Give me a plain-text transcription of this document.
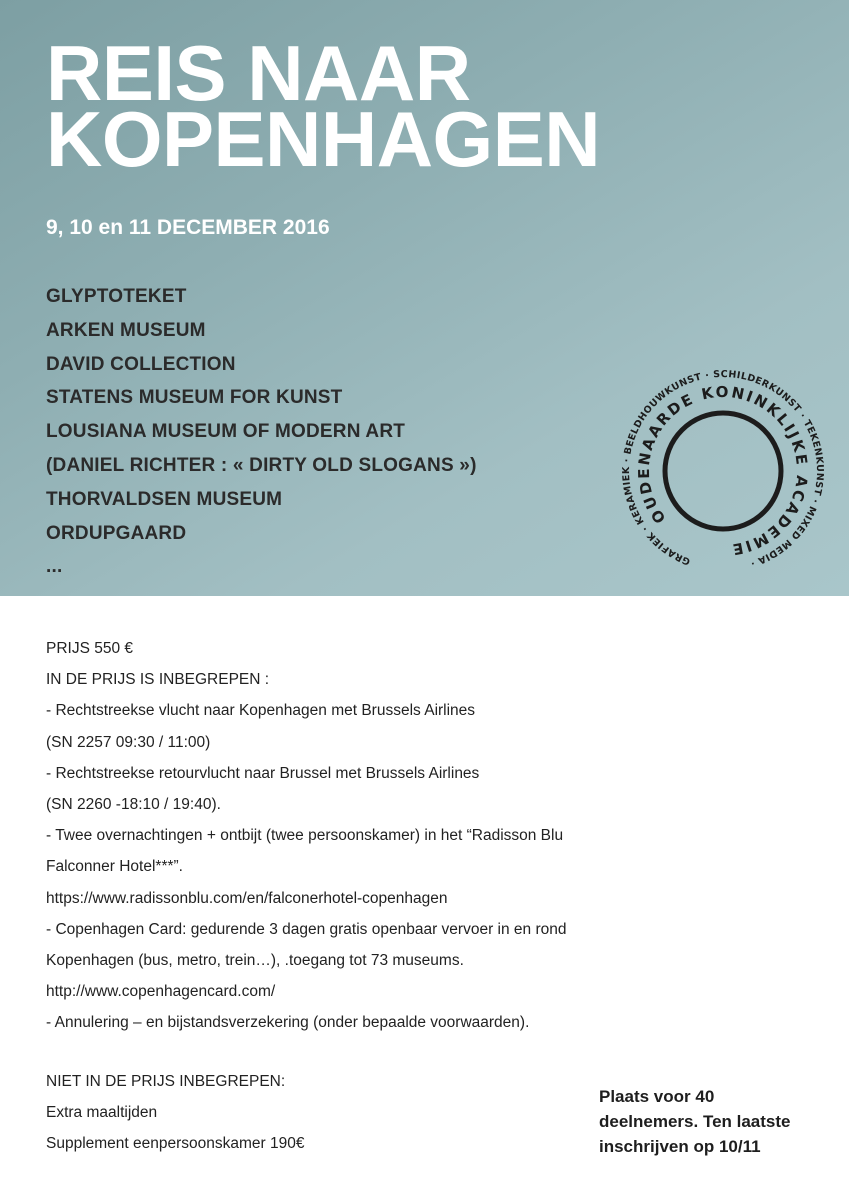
REIS NAAR
KOPENHAGEN
9, 10 en 11 DECEMBER 2016
GLYPTOTEKET
ARKEN MUSEUM
DAVID COLLECTION
STATENS MUSEUM FOR KUNST
LOUSIANA MUSEUM OF MODERN ART
(DANIEL RICHTER : « DIRTY OLD SLOGANS »)
THORVALDSEN MUSEUM
ORDUPGAARD
...	GRAFIEK · KERAMIEK · BEELDHOUWKUNST · SCHILDERKUNST · TEKENKUNST · MIXED MEDIA ·
OUDENAARDE KONINKLIJKE ACADEMIE
PRIJS 550 €
IN DE PRIJS IS INBEGREPEN :
- Rechtstreekse vlucht naar Kopenhagen met Brussels Airlines
(SN 2257 09:30 / 11:00)
- Rechtstreekse retourvlucht naar Brussel met Brussels Airlines
(SN 2260 -18:10 / 19:40).
- Twee overnachtingen + ontbijt (twee persoonskamer) in het “Radisson Blu
Falconner Hotel***”.
https://www.radissonblu.com/en/falconerhotel-copenhagen
- Copenhagen Card: gedurende 3 dagen gratis openbaar vervoer in en rond
Kopenhagen (bus, metro, trein…), .toegang tot 73 museums.
http://www.copenhagencard.com/
- Annulering – en bijstandsverzekering (onder bepaalde voorwaarden).
NIET IN DE PRIJS INBEGREPEN:
Extra maaltijden
Supplement eenpersoonskamer 190€
Plaats voor 40
deelnemers. Ten laatste
inschrijven op 10/11
